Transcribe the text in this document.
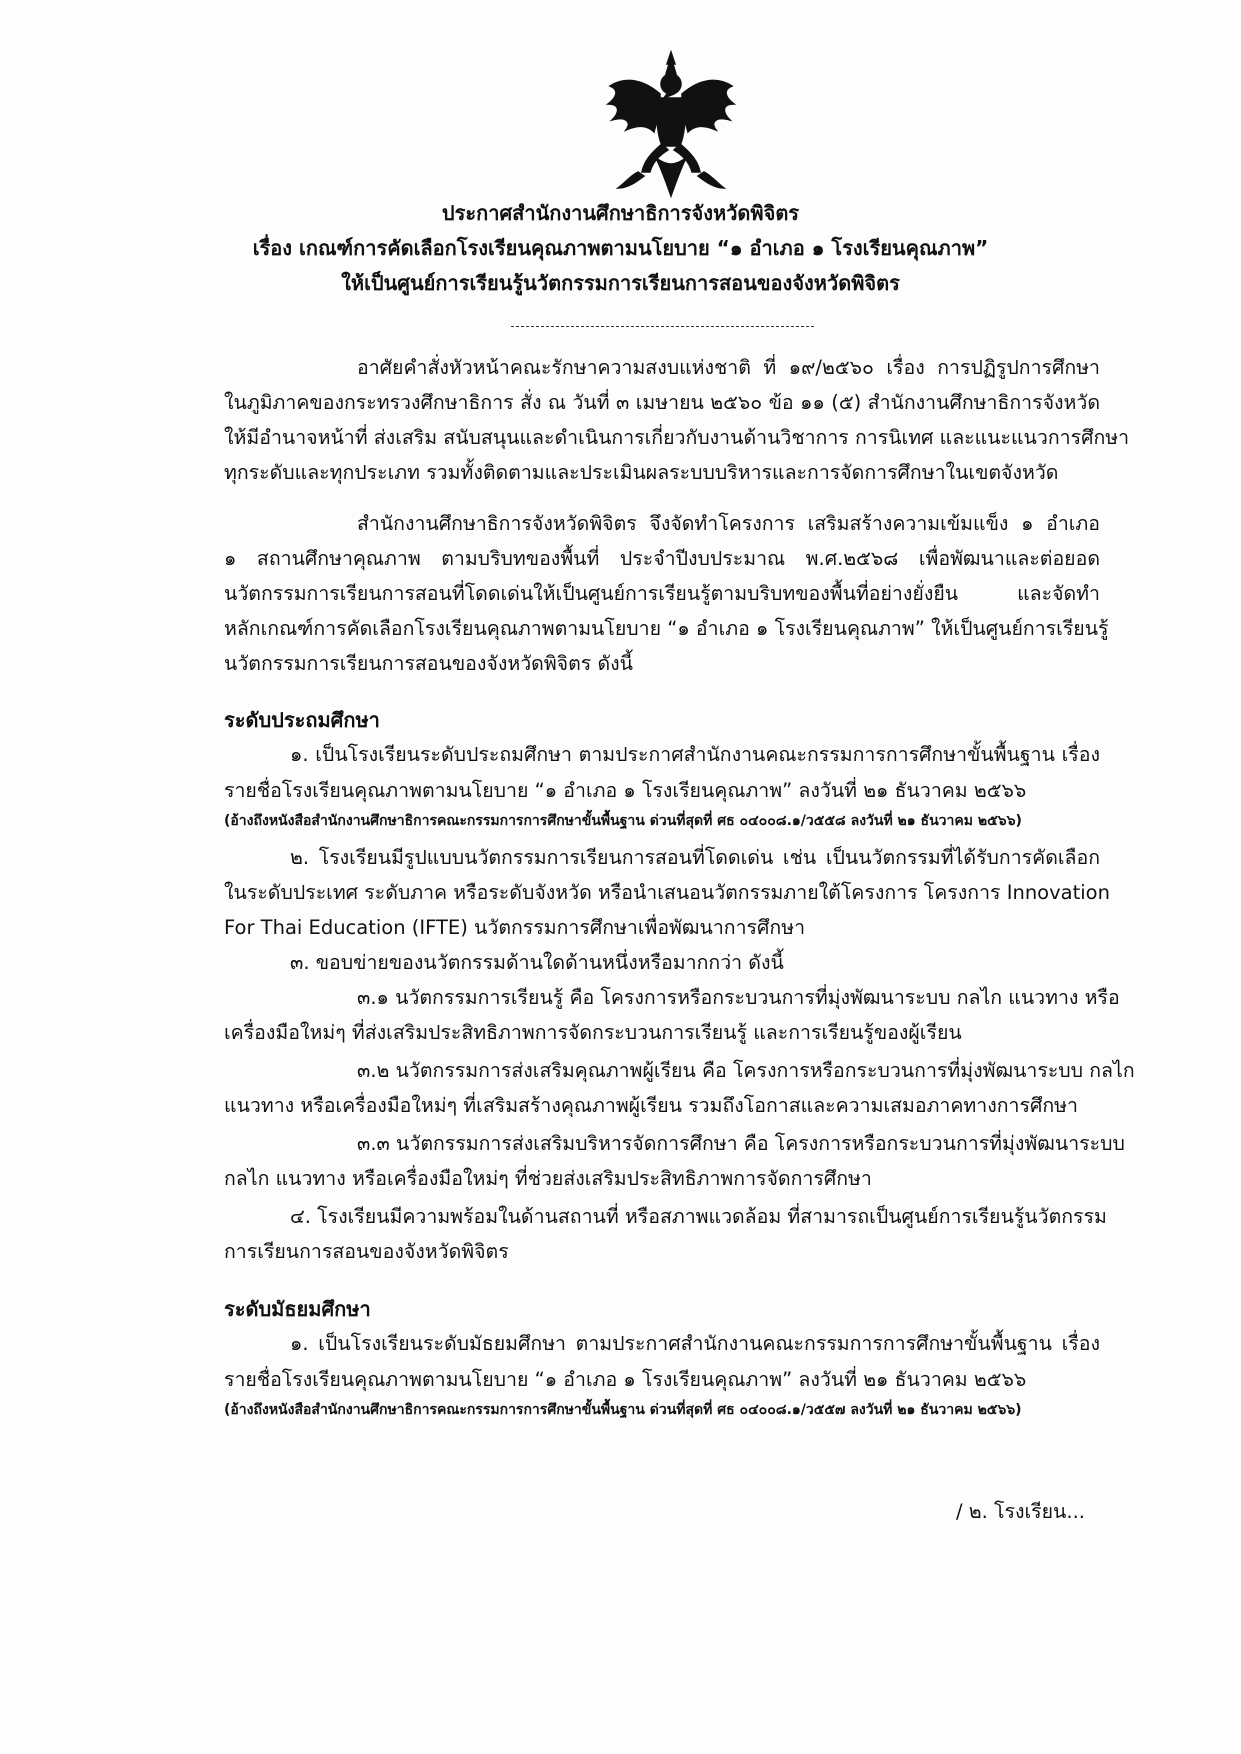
ประกาศสำนักงานศึกษาธิการจังหวัดพิจิตร
เรื่อง เกณฑ์การคัดเลือกโรงเรียนคุณภาพตามนโยบาย “๑ อำเภอ ๑ โรงเรียนคุณภาพ”
ให้เป็นศูนย์การเรียนรู้นวัตกรรมการเรียนการสอนของจังหวัดพิจิตร
อาศัยคำสั่งหัวหน้าคณะรักษาความสงบแห่งชาติ ที่ ๑๙/๒๕๖๐ เรื่อง การปฏิรูปการศึกษา
ในภูมิภาคของกระทรวงศึกษาธิการ สั่ง ณ วันที่ ๓ เมษายน ๒๕๖๐ ข้อ ๑๑ (๕) สำนักงานศึกษาธิการจังหวัด
ให้มีอำนาจหน้าที่ ส่งเสริม สนับสนุนและดำเนินการเกี่ยวกับงานด้านวิชาการ การนิเทศ และแนะแนวการศึกษา
ทุกระดับและทุกประเภท รวมทั้งติดตามและประเมินผลระบบบริหารและการจัดการศึกษาในเขตจังหวัด
สำนักงานศึกษาธิการจังหวัดพิจิตร จึงจัดทำโครงการ เสริมสร้างความเข้มแข็ง ๑ อำเภอ
๑ สถานศึกษาคุณภาพ ตามบริบทของพื้นที่ ประจำปีงบประมาณ พ.ศ.๒๕๖๘ เพื่อพัฒนาและต่อยอด
นวัตกรรมการเรียนการสอนที่โดดเด่นให้เป็นศูนย์การเรียนรู้ตามบริบทของพื้นที่อย่างยั่งยืน และจัดทำ
หลักเกณฑ์การคัดเลือกโรงเรียนคุณภาพตามนโยบาย “๑ อำเภอ ๑ โรงเรียนคุณภาพ” ให้เป็นศูนย์การเรียนรู้
นวัตกรรมการเรียนการสอนของจังหวัดพิจิตร ดังนี้
ระดับประถมศึกษา
๑. เป็นโรงเรียนระดับประถมศึกษา ตามประกาศสำนักงานคณะกรรมการการศึกษาขั้นพื้นฐาน เรื่อง
รายชื่อโรงเรียนคุณภาพตามนโยบาย “๑ อำเภอ ๑ โรงเรียนคุณภาพ” ลงวันที่ ๒๑ ธันวาคม ๒๕๖๖
(อ้างถึงหนังสือสำนักงานศึกษาธิการคณะกรรมการการศึกษาขั้นพื้นฐาน ด่วนที่สุดที่ ศธ ๐๔๐๐๘.๑/ว๕๕๘ ลงวันที่ ๒๑ ธันวาคม ๒๕๖๖)
๒. โรงเรียนมีรูปแบบนวัตกรรมการเรียนการสอนที่โดดเด่น เช่น เป็นนวัตกรรมที่ได้รับการคัดเลือก
ในระดับประเทศ ระดับภาค หรือระดับจังหวัด หรือนำเสนอนวัตกรรมภายใต้โครงการ โครงการ Innovation
For Thai Education (IFTE) นวัตกรรมการศึกษาเพื่อพัฒนาการศึกษา
๓. ขอบข่ายของนวัตกรรมด้านใดด้านหนึ่งหรือมากกว่า ดังนี้
๓.๑ นวัตกรรมการเรียนรู้ คือ โครงการหรือกระบวนการที่มุ่งพัฒนาระบบ กลไก แนวทาง หรือ
เครื่องมือใหม่ๆ ที่ส่งเสริมประสิทธิภาพการจัดกระบวนการเรียนรู้ และการเรียนรู้ของผู้เรียน
๓.๒ นวัตกรรมการส่งเสริมคุณภาพผู้เรียน คือ โครงการหรือกระบวนการที่มุ่งพัฒนาระบบ กลไก
แนวทาง หรือเครื่องมือใหม่ๆ ที่เสริมสร้างคุณภาพผู้เรียน รวมถึงโอกาสและความเสมอภาคทางการศึกษา
๓.๓ นวัตกรรมการส่งเสริมบริหารจัดการศึกษา คือ โครงการหรือกระบวนการที่มุ่งพัฒนาระบบ
กลไก แนวทาง หรือเครื่องมือใหม่ๆ ที่ช่วยส่งเสริมประสิทธิภาพการจัดการศึกษา
๔. โรงเรียนมีความพร้อมในด้านสถานที่ หรือสภาพแวดล้อม ที่สามารถเป็นศูนย์การเรียนรู้นวัตกรรม
การเรียนการสอนของจังหวัดพิจิตร
ระดับมัธยมศึกษา
๑. เป็นโรงเรียนระดับมัธยมศึกษา ตามประกาศสำนักงานคณะกรรมการการศึกษาขั้นพื้นฐาน เรื่อง
รายชื่อโรงเรียนคุณภาพตามนโยบาย “๑ อำเภอ ๑ โรงเรียนคุณภาพ” ลงวันที่ ๒๑ ธันวาคม ๒๕๖๖
(อ้างถึงหนังสือสำนักงานศึกษาธิการคณะกรรมการการศึกษาขั้นพื้นฐาน ด่วนที่สุดที่ ศธ ๐๔๐๐๘.๑/ว๕๕๗ ลงวันที่ ๒๑ ธันวาคม ๒๕๖๖)
/ ๒. โรงเรียน...
